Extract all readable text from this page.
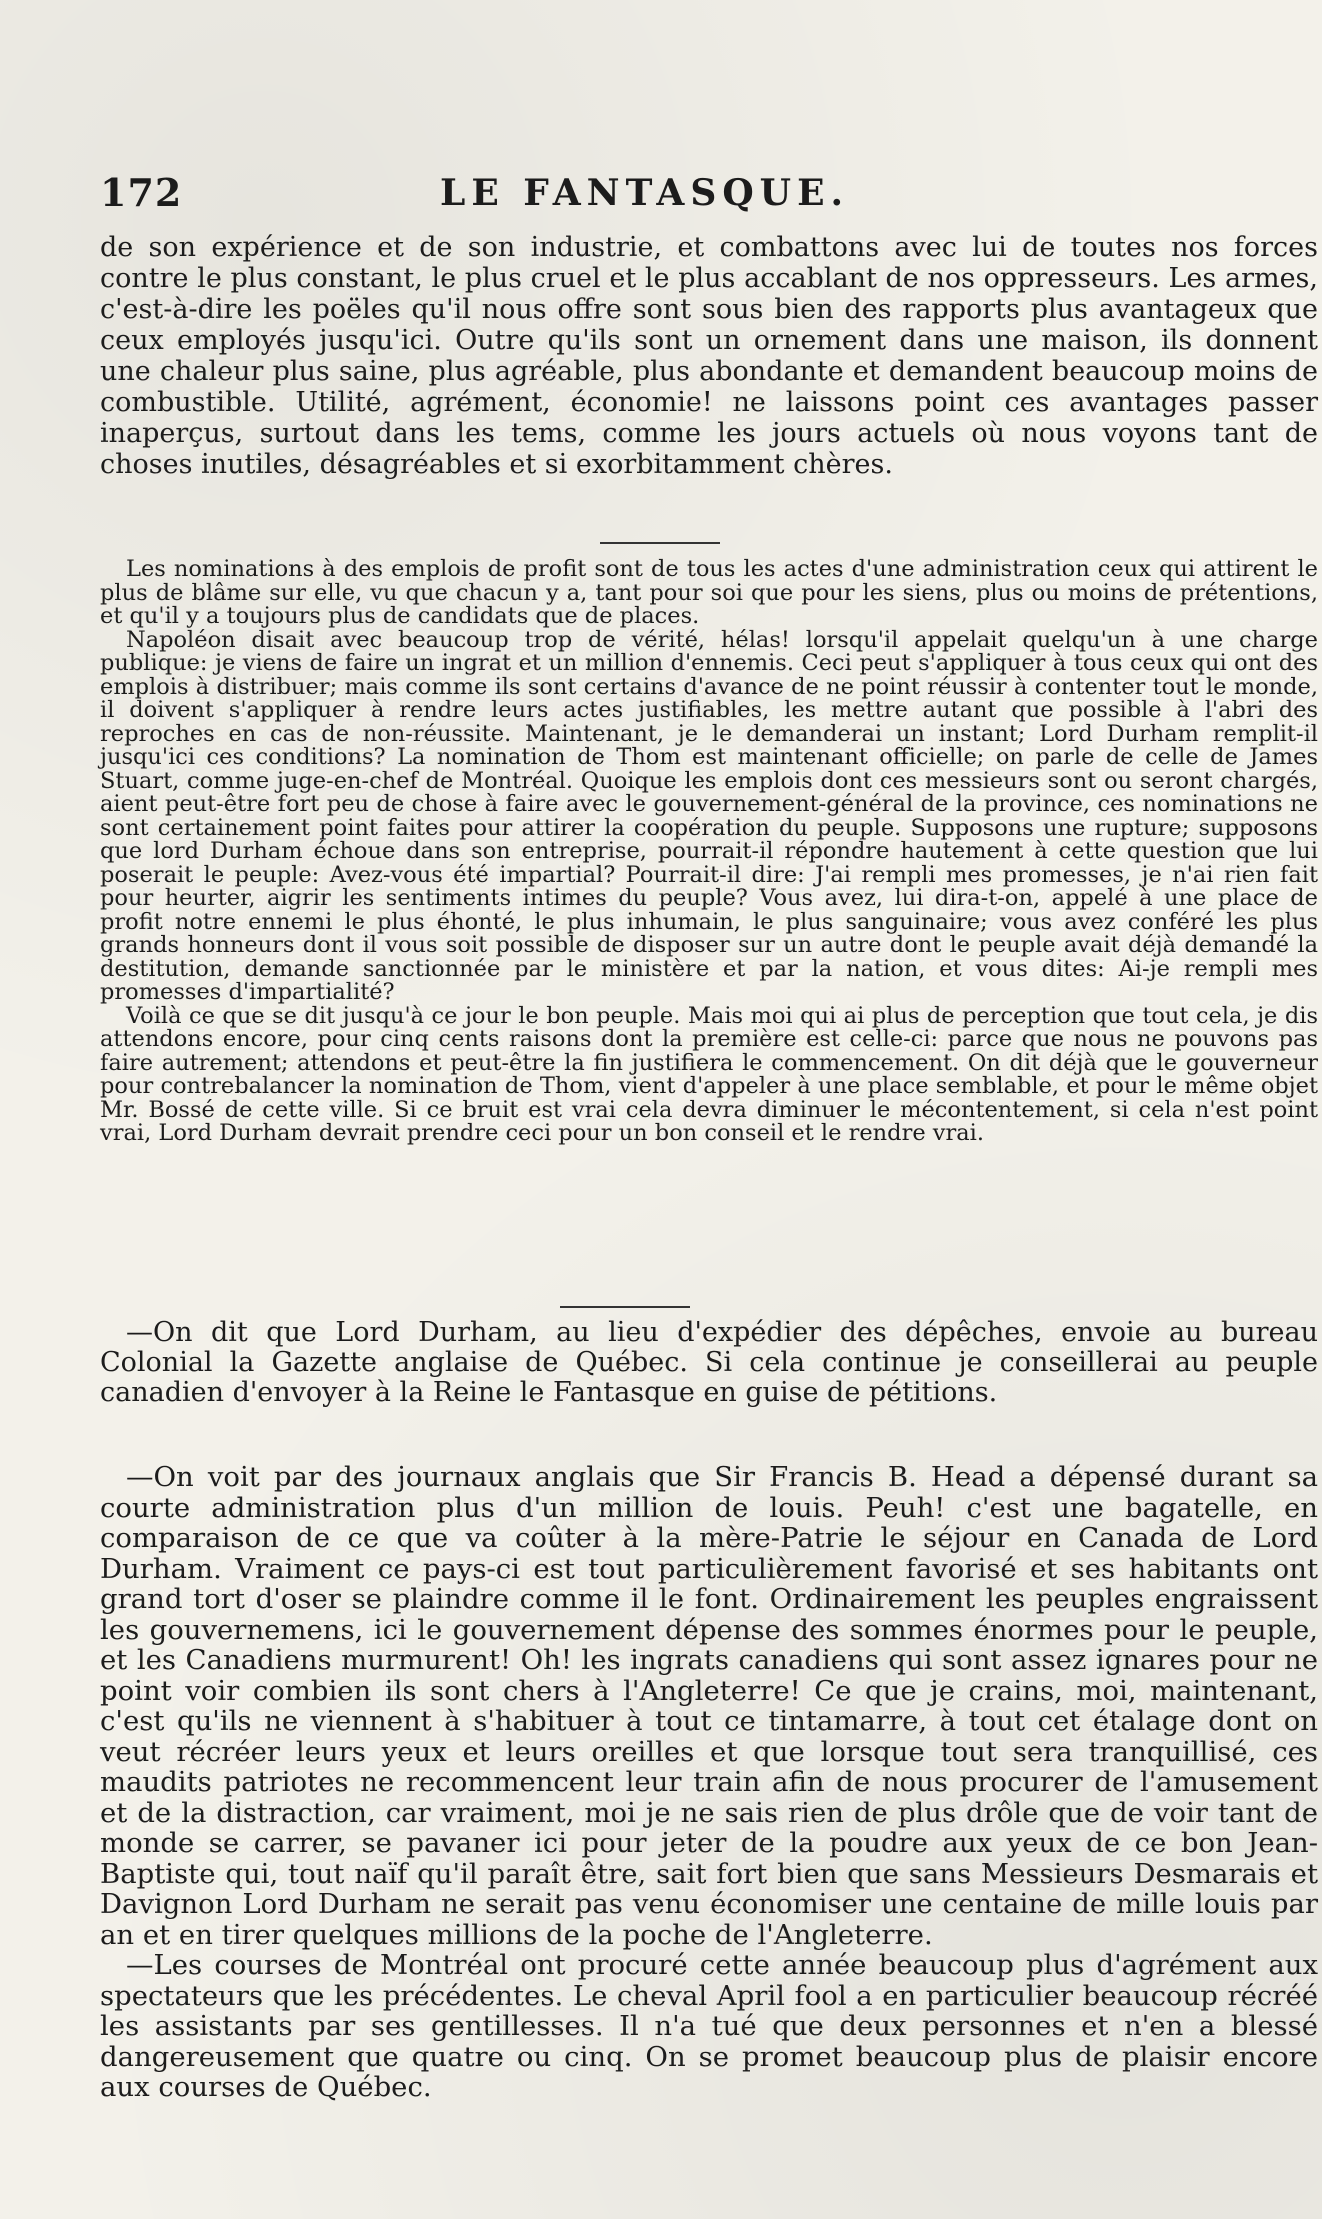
172	LE FANTASQUE.

de son expérience et de son industrie, et combattons avec lui de toutes nos forces contre le plus constant, le plus cruel et le plus accablant de nos oppresseurs. Les armes, c'est-à-dire les poëles qu'il nous offre sont sous bien des rapports plus avantageux que ceux employés jusqu'ici. Outre qu'ils sont un ornement dans une maison, ils donnent une chaleur plus saine, plus agréable, plus abondante et demandent beaucoup moins de combustible. Utilité, agrément, économie! ne laissons point ces avantages passer inaperçus, surtout dans les tems, comme les jours actuels où nous voyons tant de choses inutiles, désagréables et si exorbitamment chères.

Les nominations à des emplois de profit sont de tous les actes d'une administration ceux qui attirent le plus de blâme sur elle, vu que chacun y a, tant pour soi que pour les siens, plus ou moins de prétentions, et qu'il y a toujours plus de candidats que de places.

Napoléon disait avec beaucoup trop de vérité, hélas! lorsqu'il appelait quelqu'un à une charge publique: je viens de faire un ingrat et un million d'ennemis. Ceci peut s'appliquer à tous ceux qui ont des emplois à distribuer; mais comme ils sont certains d'avance de ne point réussir à contenter tout le monde, il doivent s'appliquer à rendre leurs actes justifiables, les mettre autant que possible à l'abri des reproches en cas de non-réussite. Maintenant, je le demanderai un instant; Lord Durham remplit-il jusqu'ici ces conditions? La nomination de Thom est maintenant officielle; on parle de celle de James Stuart, comme juge-en-chef de Montréal. Quoique les emplois dont ces messieurs sont ou seront chargés, aient peut-être fort peu de chose à faire avec le gouvernement-général de la province, ces nominations ne sont certainement point faites pour attirer la coopération du peuple. Supposons une rupture; supposons que lord Durham échoue dans son entreprise, pourrait-il répondre hautement à cette question que lui poserait le peuple: Avez-vous été impartial? Pourrait-il dire: J'ai rempli mes promesses, je n'ai rien fait pour heurter, aigrir les sentiments intimes du peuple? Vous avez, lui dira-t-on, appelé à une place de profit notre ennemi le plus éhonté, le plus inhumain, le plus sanguinaire; vous avez conféré les plus grands honneurs dont il vous soit possible de disposer sur un autre dont le peuple avait déjà demandé la destitution, demande sanctionnée par le ministère et par la nation, et vous dites: Ai-je rempli mes promesses d'impartialité?

Voilà ce que se dit jusqu'à ce jour le bon peuple. Mais moi qui ai plus de perception que tout cela, je dis attendons encore, pour cinq cents raisons dont la première est celle-ci: parce que nous ne pouvons pas faire autrement; attendons et peut-être la fin justifiera le commencement. On dit déjà que le gouverneur pour contrebalancer la nomination de Thom, vient d'appeler à une place semblable, et pour le même objet Mr. Bossé de cette ville. Si ce bruit est vrai cela devra diminuer le mécontentement, si cela n'est point vrai, Lord Durham devrait prendre ceci pour un bon conseil et le rendre vrai.

—On dit que Lord Durham, au lieu d'expédier des dépêches, envoie au bureau Colonial la Gazette anglaise de Québec. Si cela continue je conseillerai au peuple canadien d'envoyer à la Reine le Fantasque en guise de pétitions.

—On voit par des journaux anglais que Sir Francis B. Head a dépensé durant sa courte administration plus d'un million de louis. Peuh! c'est une bagatelle, en comparaison de ce que va coûter à la mère-Patrie le séjour en Canada de Lord Durham. Vraiment ce pays-ci est tout particulièrement favorisé et ses habitants ont grand tort d'oser se plaindre comme il le font. Ordinairement les peuples engraissent les gouvernemens, ici le gouvernement dépense des sommes énormes pour le peuple, et les Canadiens murmurent! Oh! les ingrats canadiens qui sont assez ignares pour ne point voir combien ils sont chers à l'Angleterre! Ce que je crains, moi, maintenant, c'est qu'ils ne viennent à s'habituer à tout ce tintamarre, à tout cet étalage dont on veut récréer leurs yeux et leurs oreilles et que lorsque tout sera tranquillisé, ces maudits patriotes ne recommencent leur train afin de nous procurer de l'amusement et de la distraction, car vraiment, moi je ne sais rien de plus drôle que de voir tant de monde se carrer, se pavaner ici pour jeter de la poudre aux yeux de ce bon Jean-Baptiste qui, tout naïf qu'il paraît être, sait fort bien que sans Messieurs Desmarais et Davignon Lord Durham ne serait pas venu économiser une centaine de mille louis par an et en tirer quelques millions de la poche de l'Angleterre.

—Les courses de Montréal ont procuré cette année beaucoup plus d'agrément aux spectateurs que les précédentes. Le cheval April fool a en particulier beaucoup récréé les assistants par ses gentillesses. Il n'a tué que deux personnes et n'en a blessé dangereusement que quatre ou cinq. On se promet beaucoup plus de plaisir encore aux courses de Québec.
